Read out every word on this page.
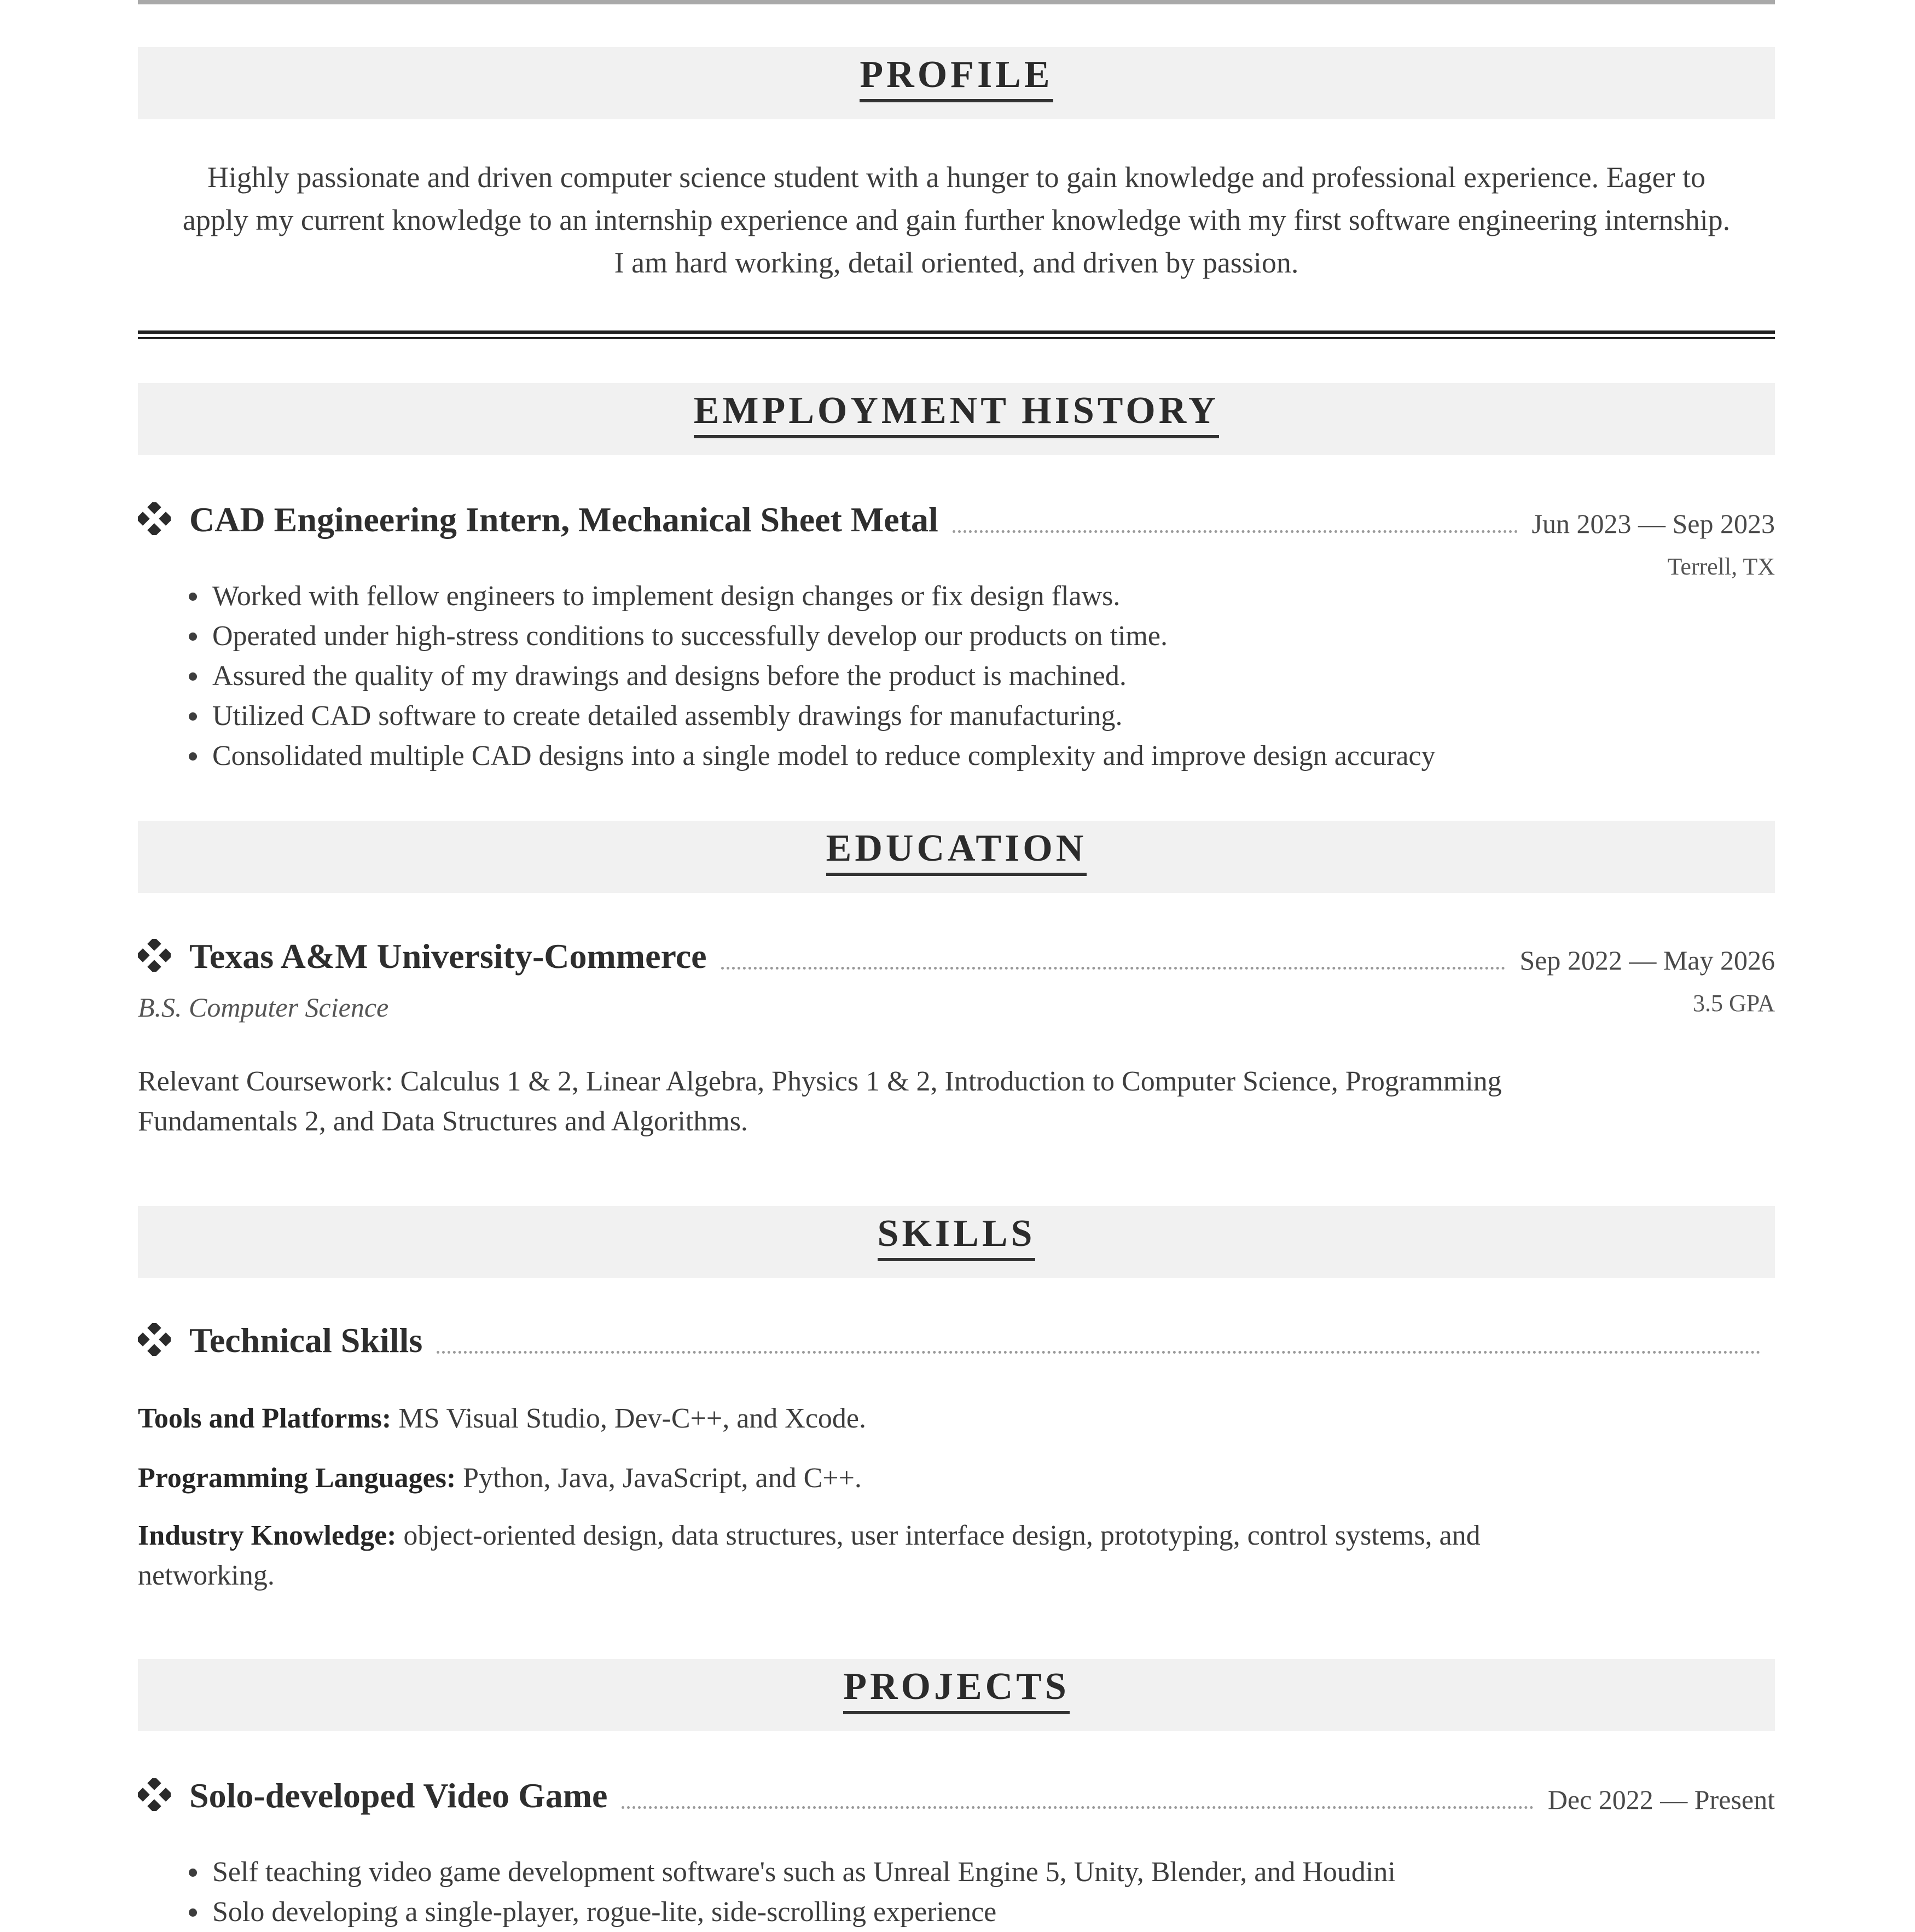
PROFILE
Highly passionate and driven computer science student with a hunger to gain knowledge and professional experience. Eager to apply my current knowledge to an internship experience and gain further knowledge with my first software engineering internship. I am hard working, detail oriented, and driven by passion.
EMPLOYMENT HISTORY
CAD Engineering Intern, Mechanical Sheet Metal	Jun 2023 — Sep 2023
Terrell, TX
• Worked with fellow engineers to implement design changes or fix design flaws.
• Operated under high-stress conditions to successfully develop our products on time.
• Assured the quality of my drawings and designs before the product is machined.
• Utilized CAD software to create detailed assembly drawings for manufacturing.
• Consolidated multiple CAD designs into a single model to reduce complexity and improve design accuracy
EDUCATION
Texas A&M University-Commerce	Sep 2022 — May 2026
B.S. Computer Science	3.5 GPA
Relevant Coursework: Calculus 1 & 2, Linear Algebra, Physics 1 & 2, Introduction to Computer Science, Programming Fundamentals 2, and Data Structures and Algorithms.
SKILLS
Technical Skills
Tools and Platforms: MS Visual Studio, Dev-C++, and Xcode.
Programming Languages: Python, Java, JavaScript, and C++.
Industry Knowledge: object-oriented design, data structures, user interface design, prototyping, control systems, and networking.
PROJECTS
Solo-developed Video Game	Dec 2022 — Present
• Self teaching video game development software's such as Unreal Engine 5, Unity, Blender, and Houdini
• Solo developing a single-player, rogue-lite, side-scrolling experience
